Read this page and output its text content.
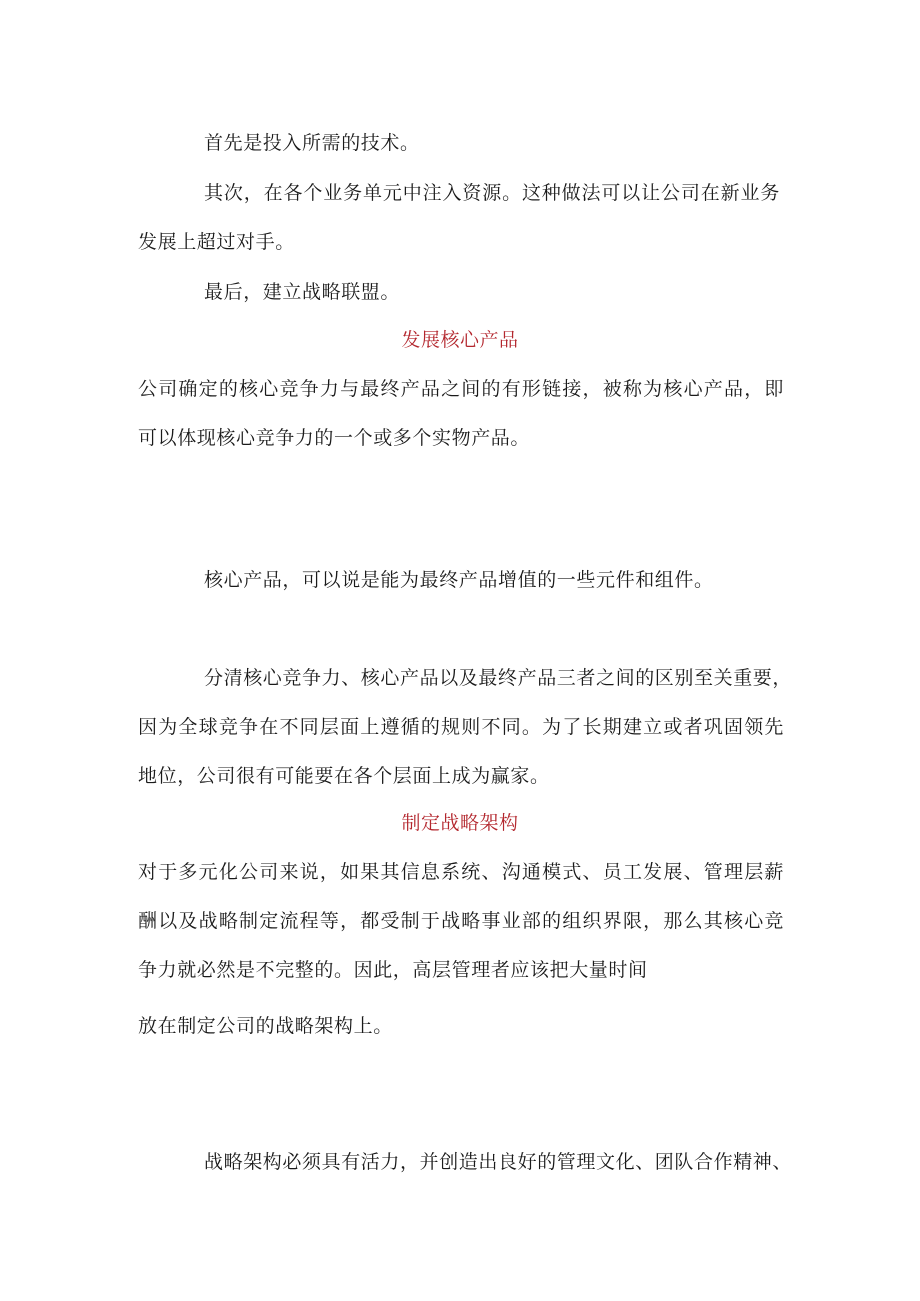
首先是投入所需的技术。
其次，在各个业务单元中注入资源。这种做法可以让公司在新业务
发展上超过对手。
最后，建立战略联盟。
发展核心产品
公司确定的核心竞争力与最终产品之间的有形链接，被称为核心产品，即
可以体现核心竞争力的一个或多个实物产品。
核心产品，可以说是能为最终产品增值的一些元件和组件。
分清核心竞争力、核心产品以及最终产品三者之间的区别至关重要，
因为全球竞争在不同层面上遵循的规则不同。为了长期建立或者巩固领先
地位，公司很有可能要在各个层面上成为赢家。
制定战略架构
对于多元化公司来说，如果其信息系统、沟通模式、员工发展、管理层薪
酬以及战略制定流程等，都受制于战略事业部的组织界限，那么其核心竞
争力就必然是不完整的。因此，高层管理者应该把大量时间
放在制定公司的战略架构上。
战略架构必须具有活力，并创造出良好的管理文化、团队合作精神、
